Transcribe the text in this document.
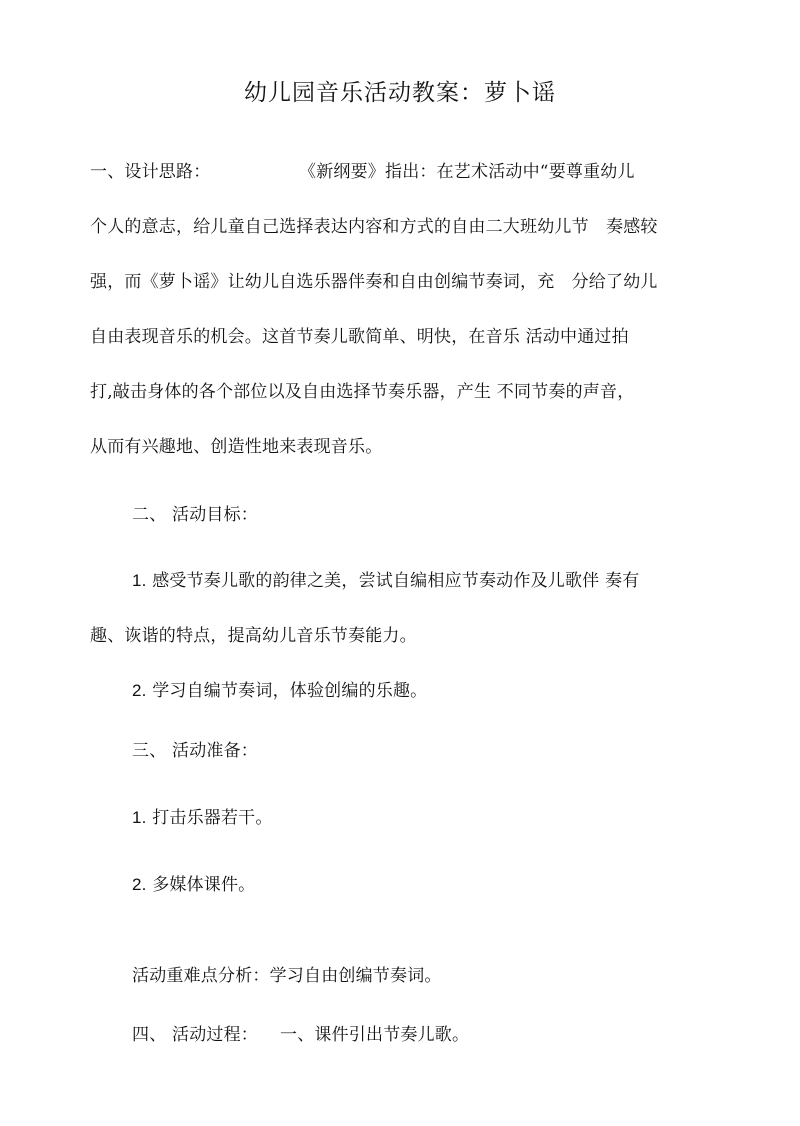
幼儿园音乐活动教案：萝卜谣
一、设计思路：	《新纲要》指出：在艺术活动中“要尊重幼儿
个人的意志，给儿童自己选择表达内容和方式的自由二大班幼儿节　奏感较
强，而《萝卜谣》让幼儿自选乐器伴奏和自由创编节奏词，充　分给了幼儿
自由表现音乐的机会。这首节奏儿歌简单、明快，在音乐 活动中通过拍
打,敲击身体的各个部位以及自由选择节奏乐器，产生 不同节奏的声音，
从而有兴趣地、创造性地来表现音乐。
二、 活动目标：
1. 感受节奏儿歌的韵律之美，尝试自编相应节奏动作及儿歌伴 奏有
趣、诙谐的特点，提高幼儿音乐节奏能力。
2. 学习自编节奏词，体验创编的乐趣。
三、 活动准备：
1. 打击乐器若干。
2. 多媒体课件。
活动重难点分析：学习自由创编节奏词。
四、 活动过程： 一、课件引出节奏儿歌。
